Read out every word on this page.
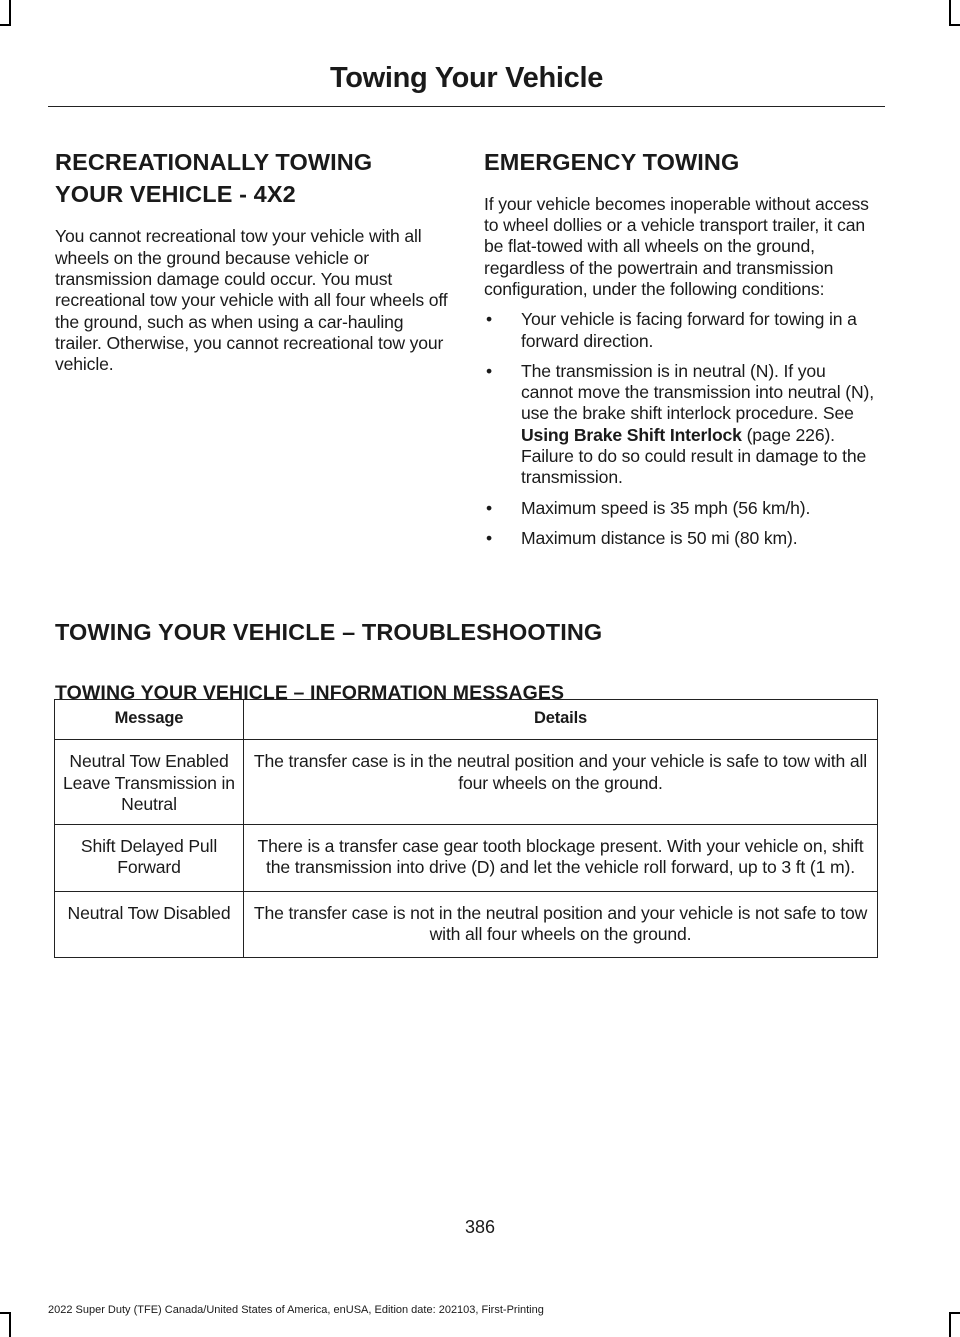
Towing Your Vehicle
RECREATIONALLY TOWING
YOUR VEHICLE - 4X2

You cannot recreational tow your vehicle with all wheels on the ground because vehicle or transmission damage could occur. You must recreational tow your vehicle with all four wheels off the ground, such as when using a car-hauling trailer. Otherwise, you cannot recreational tow your vehicle.

EMERGENCY TOWING

If your vehicle becomes inoperable without access to wheel dollies or a vehicle transport trailer, it can be flat-towed with all wheels on the ground, regardless of the powertrain and transmission configuration, under the following conditions:

• Your vehicle is facing forward for towing in a forward direction.
• The transmission is in neutral (N). If you cannot move the transmission into neutral (N), use the brake shift interlock procedure. See Using Brake Shift Interlock (page 226). Failure to do so could result in damage to the transmission.
• Maximum speed is 35 mph (56 km/h).
• Maximum distance is 50 mi (80 km).
TOWING YOUR VEHICLE – TROUBLESHOOTING
TOWING YOUR VEHICLE – INFORMATION MESSAGES
Message	Details
Neutral Tow Enabled Leave Transmission in Neutral	The transfer case is in the neutral position and your vehicle is safe to tow with all four wheels on the ground.
Shift Delayed Pull Forward	There is a transfer case gear tooth blockage present. With your vehicle on, shift the transmission into drive (D) and let the vehicle roll forward, up to 3 ft (1 m).
Neutral Tow Disabled	The transfer case is not in the neutral position and your vehicle is not safe to tow with all four wheels on the ground.
386
2022 Super Duty (TFE) Canada/United States of America, enUSA, Edition date: 202103, First-Printing
